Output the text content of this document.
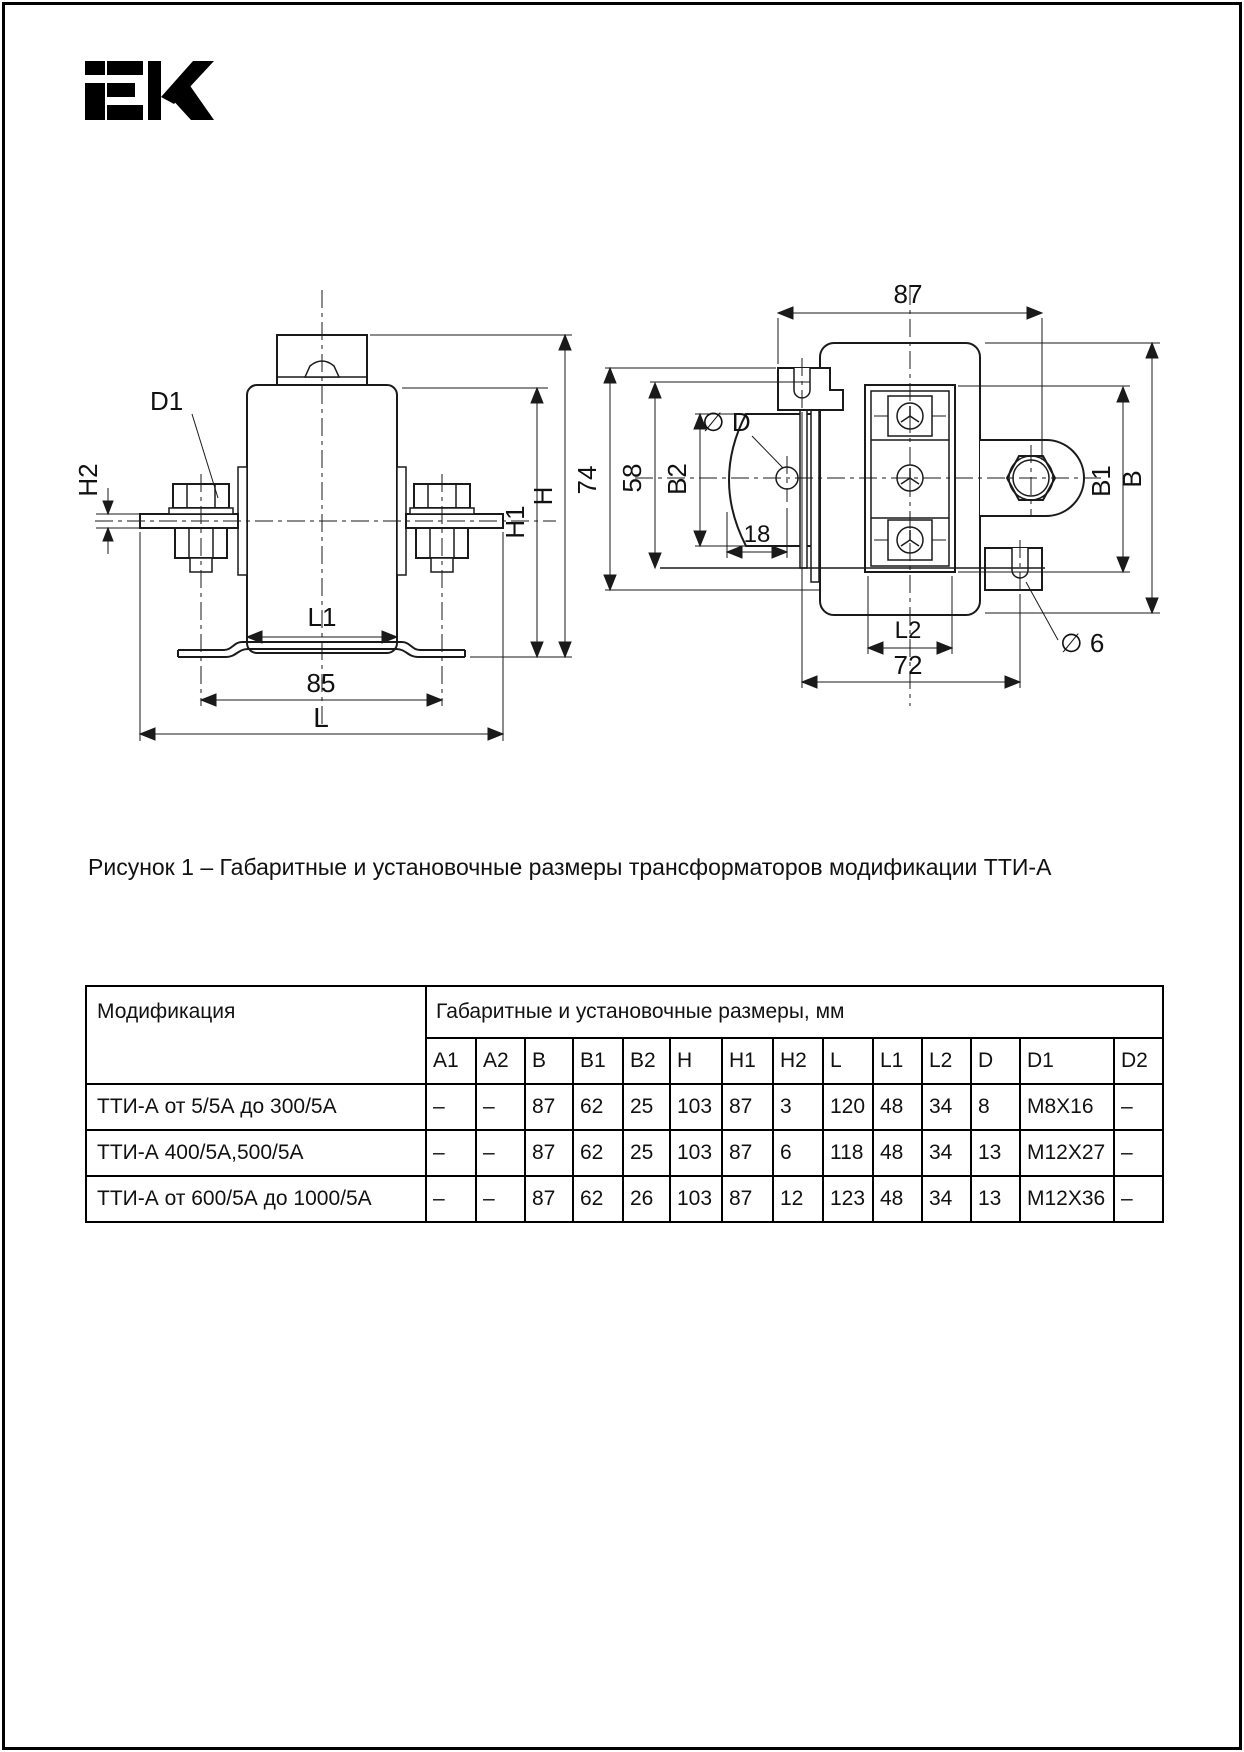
D1
H2
L1
85
L
H1
H
87
74 58 B2
∅ D
18
L2
72
B1 B
∅ 6
Рисунок 1 – Габаритные и установочные размеры трансформаторов модификации ТТИ-А
Модификация	Габаритные и установочные размеры, мм													
	A1	A2	B	B1	B2	H	H1	H2	L	L1	L2	D	D1	D2
ТТИ-А от 5/5А до 300/5А	–	–	87	62	25	103	87	3	120	48	34	8	M8X16	–
ТТИ-А 400/5А,500/5А	–	–	87	62	25	103	87	6	118	48	34	13	M12X27	–
ТТИ-А от 600/5А до 1000/5А	–	–	87	62	26	103	87	12	123	48	34	13	M12X36	–
